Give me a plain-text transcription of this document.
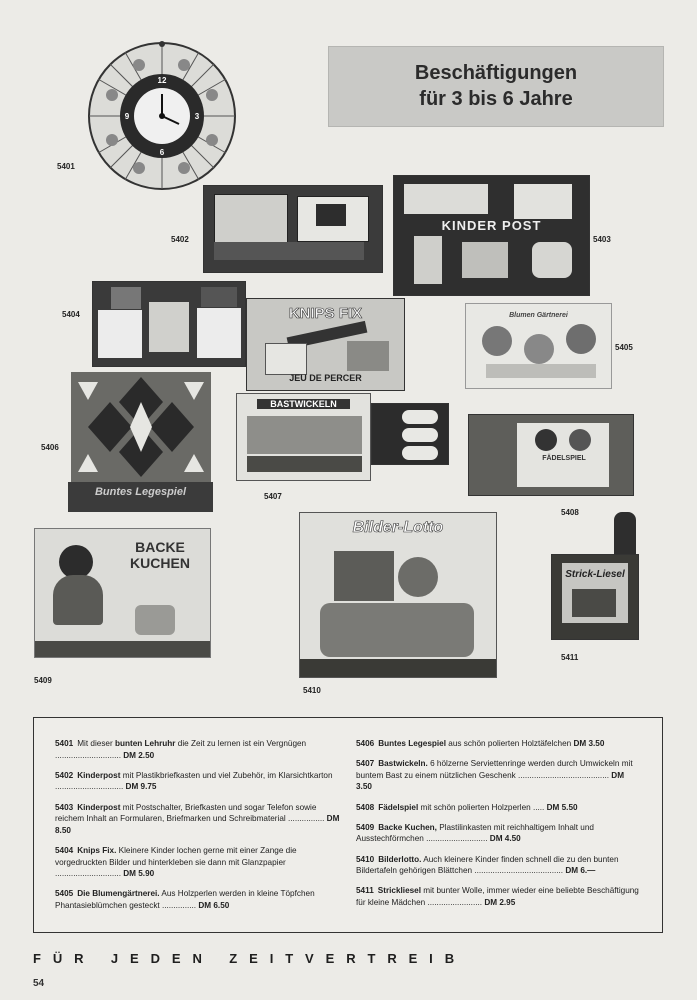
Beschäftigungen
für 3 bis 6 Jahre
12
3
6
9
5401
5402
KINDER POST
5403
5404	KNIPS FIX
JEU DE PERCER
Blumen Gärtnerei
5405
Buntes Legespiel
5406
BASTWICKELN
5407
FÄDELSPIEL
5408
BACKE KUCHEN
5409
Bilder-Lotto
5410
Strick-Liesel
5411
5401 Mit dieser bunten Lehruhr die Zeit zu lernen ist ein Vergnügen ............................. DM 2.50
5402 Kinderpost mit Plastikbriefkasten und viel Zubehör, im Klarsichtkarton .............................. DM 9.75
5403 Kinderpost mit Postschalter, Briefkasten und sogar Telefon sowie reichem Inhalt an Formularen, Briefmarken und Schreibmaterial ................ DM 8.50
5404 Knips Fix. Kleinere Kinder lochen gerne mit einer Zange die vorgedruckten Bilder und hinterkleben sie dann mit Glanzpapier ............................. DM 5.90
5405 Die Blumengärtnerei. Aus Holzperlen werden in kleine Töpfchen Phantasieblümchen gesteckt ............... DM 6.50
5406 Buntes Legespiel aus schön polierten Holztäfelchen DM 3.50
5407 Bastwickeln. 6 hölzerne Serviettenringe werden durch Umwickeln mit buntem Bast zu einem nützlichen Geschenk ........................................ DM 3.50
5408 Fädelspiel mit schön polierten Holzperlen ..... DM 5.50
5409 Backe Kuchen, Plastilinkasten mit reichhaltigem Inhalt und Ausstechförmchen ........................... DM 4.50
5410 Bilderlotto. Auch kleinere Kinder finden schnell die zu den bunten Bildertafeln gehörigen Blättchen ....................................... DM 6.—
5411 Strickliesel mit bunter Wolle, immer wieder eine beliebte Beschäftigung für kleine Mädchen ........................ DM 2.95
FÜR JEDEN ZEITVERTREIB
54
